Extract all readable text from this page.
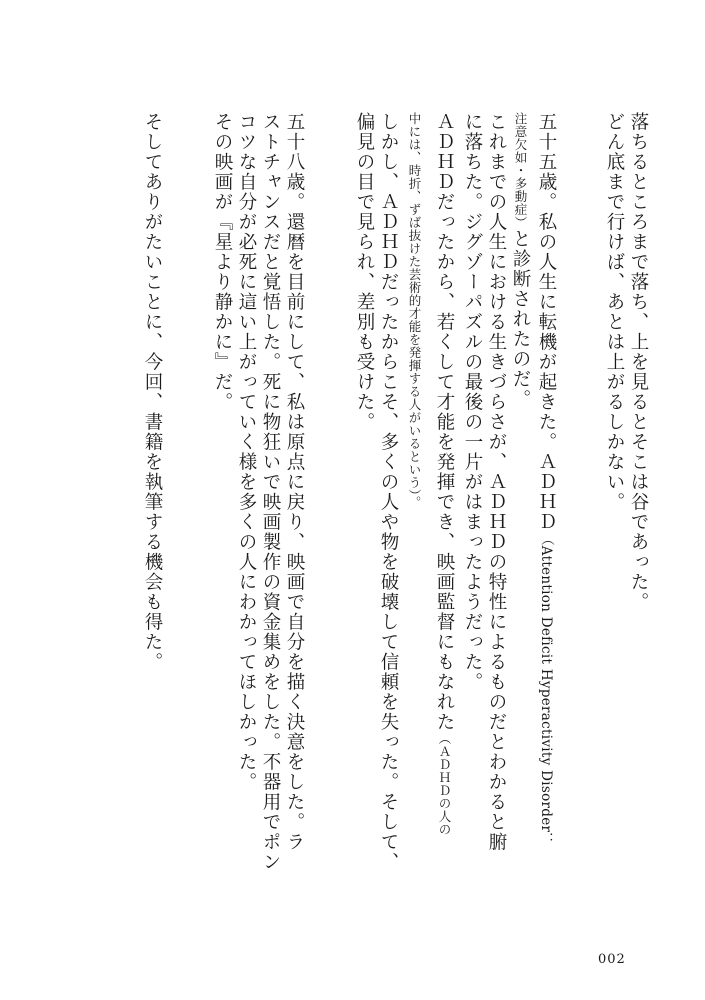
落ちるところまで落ち、上を見るとそこは谷であった。
どん底まで行けば、あとは上がるしかない。
五十五歳。私の人生に転機が起きた。ＡＤＨＤ（Attention Deficit Hyperactivity Disorder：
注意欠如・多動症）と診断されたのだ。
これまでの人生における生きづらさが、ＡＤＨＤの特性によるものだとわかると腑
に落ちた。ジグゾーパズルの最後の一片がはまったようだった。
ＡＤＨＤだったから、若くして才能を発揮でき、映画監督にもなれた（ＡＤＨＤの人の
中には、時折、ずば抜けた芸術的才能を発揮する人がいるという）。
しかし、ＡＤＨＤだったからこそ、多くの人や物を破壊して信頼を失った。そして、
偏見の目で見られ、差別も受けた。
五十八歳。還暦を目前にして、私は原点に戻り、映画で自分を描く決意をした。ラ
ストチャンスだと覚悟した。死に物狂いで映画製作の資金集めをした。不器用でポン
コツな自分が必死に這い上がっていく様を多くの人にわかってほしかった。
その映画が『星より静かに』だ。
そしてありがたいことに、今回、書籍を執筆する機会も得た。
002
